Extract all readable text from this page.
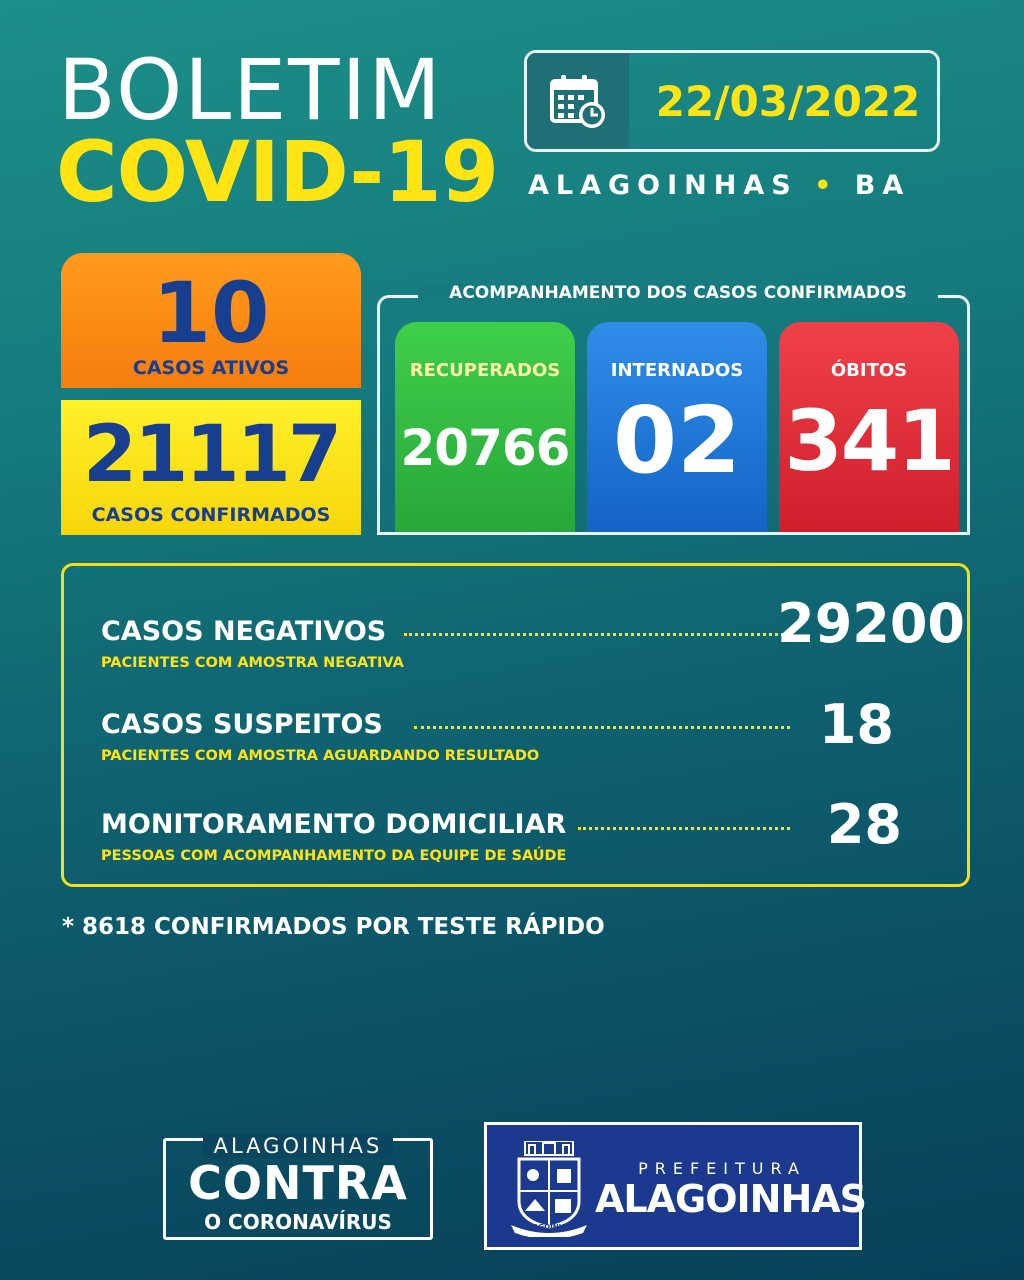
BOLETIM
COVID-19
22/03/2022
ALAGOINHAS • BA
10
CASOS ATIVOS
21117
CASOS CONFIRMADOS
ACOMPANHAMENTO DOS CASOS CONFIRMADOS
RECUPERADOS
20766
INTERNADOS
02
ÓBITOS
341
CASOS NEGATIVOS	29200
PACIENTES COM AMOSTRA NEGATIVA
CASOS SUSPEITOS	18
PACIENTES COM AMOSTRA AGUARDANDO RESULTADO
MONITORAMENTO DOMICILIAR	28
PESSOAS COM ACOMPANHAMENTO DA EQUIPE DE SAÚDE
* 8618 CONFIRMADOS POR TESTE RÁPIDO
ALAGOINHAS
CONTRA
O CORONAVÍRUS	ALAGOINHAS
PREFEITURA
ALAGOINHAS
